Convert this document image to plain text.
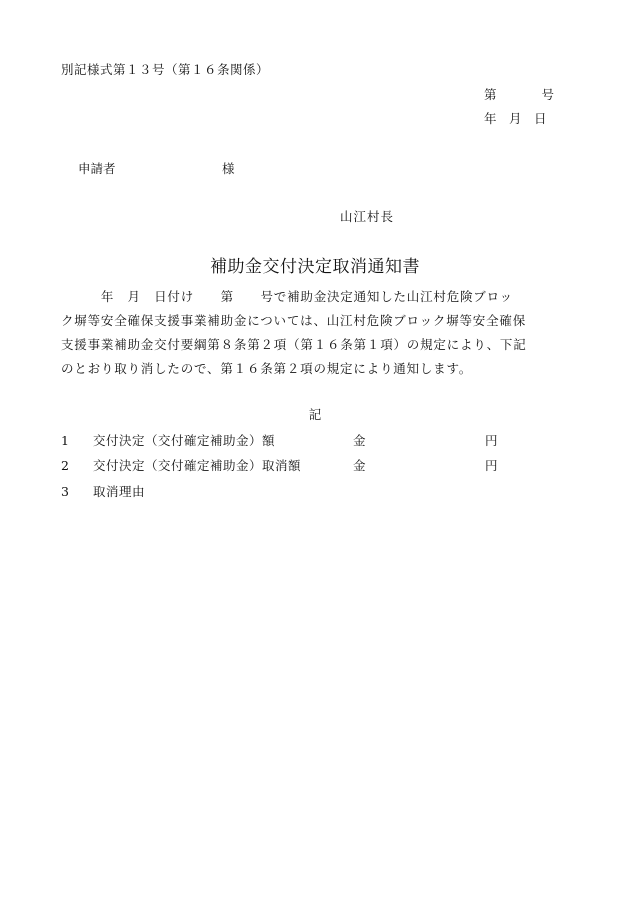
別記様式第１３号（第１６条関係）
第	号
年　月　日
申請者	様
山江村長
補助金交付決定取消通知書
　　　年　月　日付け　　第　　号で補助金決定通知した山江村危険ブロッ
ク塀等安全確保支援事業補助金については、山江村危険ブロック塀等安全確保
支援事業補助金交付要綱第８条第２項（第１６条第１項）の規定により、下記
のとおり取り消したので、第１６条第２項の規定により通知します。
記
1 交付決定（交付確定補助金）額	金	円
2 交付決定（交付確定補助金）取消額	金	円
3 取消理由
